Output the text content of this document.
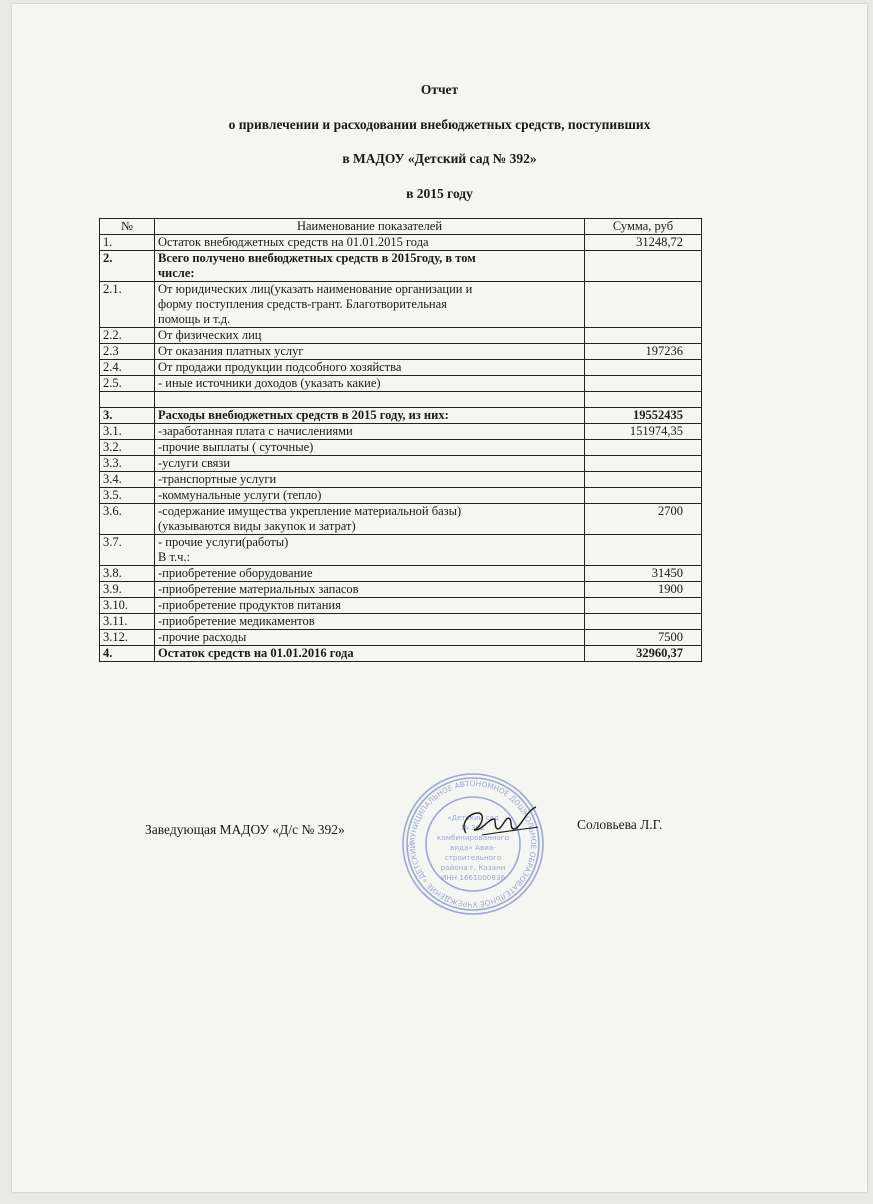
Отчет
о привлечении и расходовании внебюджетных средств, поступивших
в МАДОУ «Детский сад № 392»
в 2015 году
№	Наименование показателей	Сумма, руб
1.	Остаток внебюджетных средств на 01.01.2015 года	31248,72
2.	Всего получено внебюджетных средств в 2015году, в том
числе:	
2.1.	От юридических лиц(указать наименование организации и
форму поступления средств-грант. Благотворительная
помощь и т.д.	
2.2.	От физических лиц	
2.3	От оказания платных услуг	197236
2.4.	От продажи продукции подсобного хозяйства	
2.5.	- иные источники доходов (указать какие)	

3.	Расходы внебюджетных средств в 2015 году, из них:	19552435
3.1.	-заработанная плата с начислениями	151974,35
3.2.	-прочие выплаты ( суточные)	
3.3.	-услуги связи	
3.4.	-транспортные услуги	
3.5.	-коммунальные услуги (тепло)	
3.6.	-содержание имущества укрепление материальной базы)
(указываются виды закупок и затрат)	2700
3.7.	- прочие услуги(работы)
В т.ч.:	
3.8.	-приобретение оборудование	31450
3.9.	-приобретение материальных запасов	1900
3.10.	-приобретение продуктов питания	
3.11.	-приобретение медикаментов	
3.12.	-прочие расходы	7500
4.	Остаток средств на 01.01.2016 года	32960,37
МУНИЦИПАЛЬНОЕ АВТОНОМНОЕ ДОШКОЛЬНОЕ ОБРАЗОВАТЕЛЬНОЕ УЧРЕЖДЕНИЕ «ДЕТСКИЙ
«Детский сад
№ 392
комбинированного
вида» Авиа-
строительного
района г. Казани
ИНН 1661000836
Заведующая МАДОУ «Д/с № 392»	Соловьева Л.Г.
